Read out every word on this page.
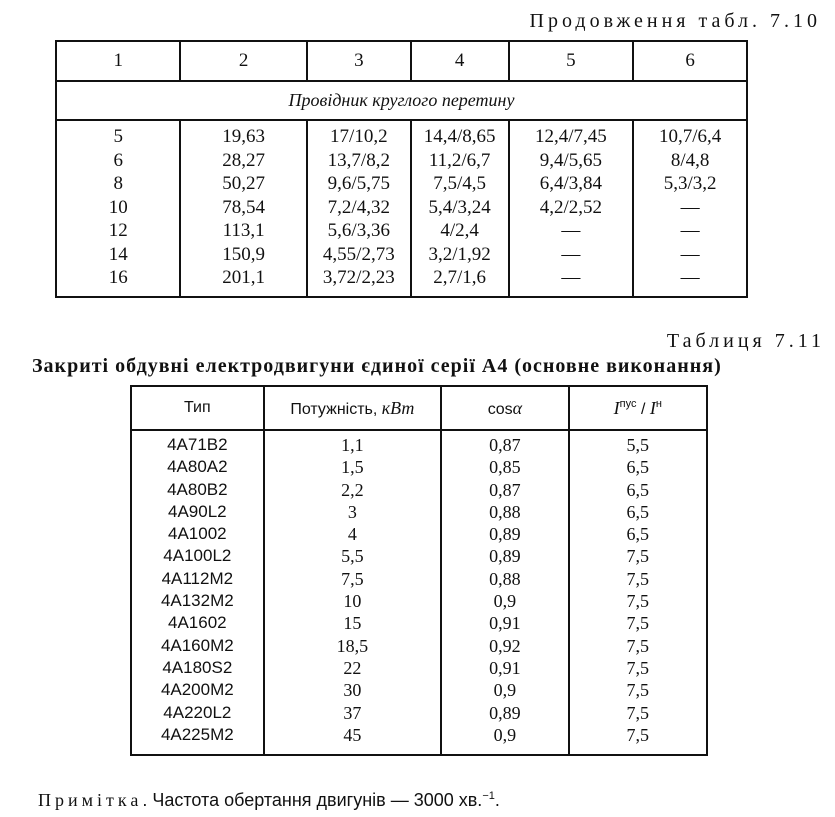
Продовження табл. 7.10
1	2	3	4	5	6
Провідник круглого перетину					
5	19,63	17/10,2	14,4/8,65	12,4/7,45	10,7/6,4
6	28,27	13,7/8,2	11,2/6,7	9,4/5,65	8/4,8
8	50,27	9,6/5,75	7,5/4,5	6,4/3,84	5,3/3,2
10	78,54	7,2/4,32	5,4/3,24	4,2/2,52	—
12	113,1	5,6/3,36	4/2,4	—	—
14	150,9	4,55/2,73	3,2/1,92	—	—
16	201,1	3,72/2,23	2,7/1,6	—	—
Таблиця 7.11
Закриті обдувні електродвигуни єдиної серії А4 (основне виконання)
Тип	Потужність, кВт	cosα	$I^{пус} / I^н$
4А71В2	1,1	0,87	5,5
4А80А2	1,5	0,85	6,5
4А80В2	2,2	0,87	6,5
4А90L2	3	0,88	6,5
4А1002	4	0,89	6,5
4А100L2	5,5	0,89	7,5
4А112М2	7,5	0,88	7,5
4А132М2	10	0,9	7,5
4А1602	15	0,91	7,5
4А160М2	18,5	0,92	7,5
4А180S2	22	0,91	7,5
4А200М2	30	0,9	7,5
4А220L2	37	0,89	7,5
4А225М2	45	0,9	7,5
Примітка. Частота обертання двигунів — 3000 хв.$^{-1}$.
